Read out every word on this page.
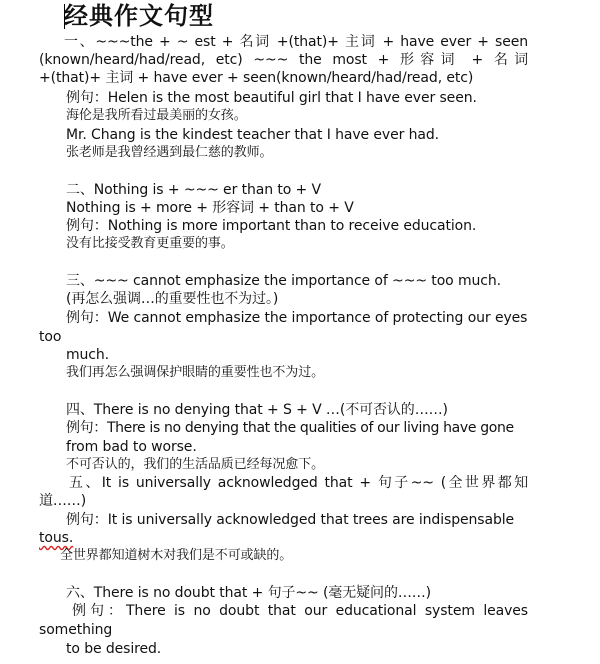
经典作文句型
一、~~~the + ~ est + 名词 +(that)+ 主词 + have ever + seen
(known/heard/had/read, etc) ~~~ the most + 形容词 + 名词
+(that)+ 主词 + have ever + seen(known/heard/had/read, etc)
例句：Helen is the most beautiful girl that I have ever seen.
海伦是我所看过最美丽的女孩。
Mr. Chang is the kindest teacher that I have ever had.
张老师是我曾经遇到最仁慈的教师。
二、Nothing is + ~~~ er than to + V
Nothing is + more + 形容词 + than to + V
例句：Nothing is more important than to receive education.
没有比接受教育更重要的事。
三、~~~ cannot emphasize the importance of ~~~ too much.
(再怎么强调…的重要性也不为过。)
例句：We cannot emphasize the importance of protecting our eyes
too
much.
我们再怎么强调保护眼睛的重要性也不为过。
四、There is no denying that + S + V …(不可否认的……)
例句：There is no denying that the qualities of our living have gone
from bad to worse.
不可否认的，我们的生活品质已经每况愈下。
五、It is universally acknowledged that + 句子~~ (全世界都知
道……)
例句：It is universally acknowledged that trees are indispensable
tous.
全世界都知道树木对我们是不可或缺的。
六、There is no doubt that + 句子~~ (毫无疑问的……)
例句：There is no doubt that our educational system leaves
something
to be desired.
